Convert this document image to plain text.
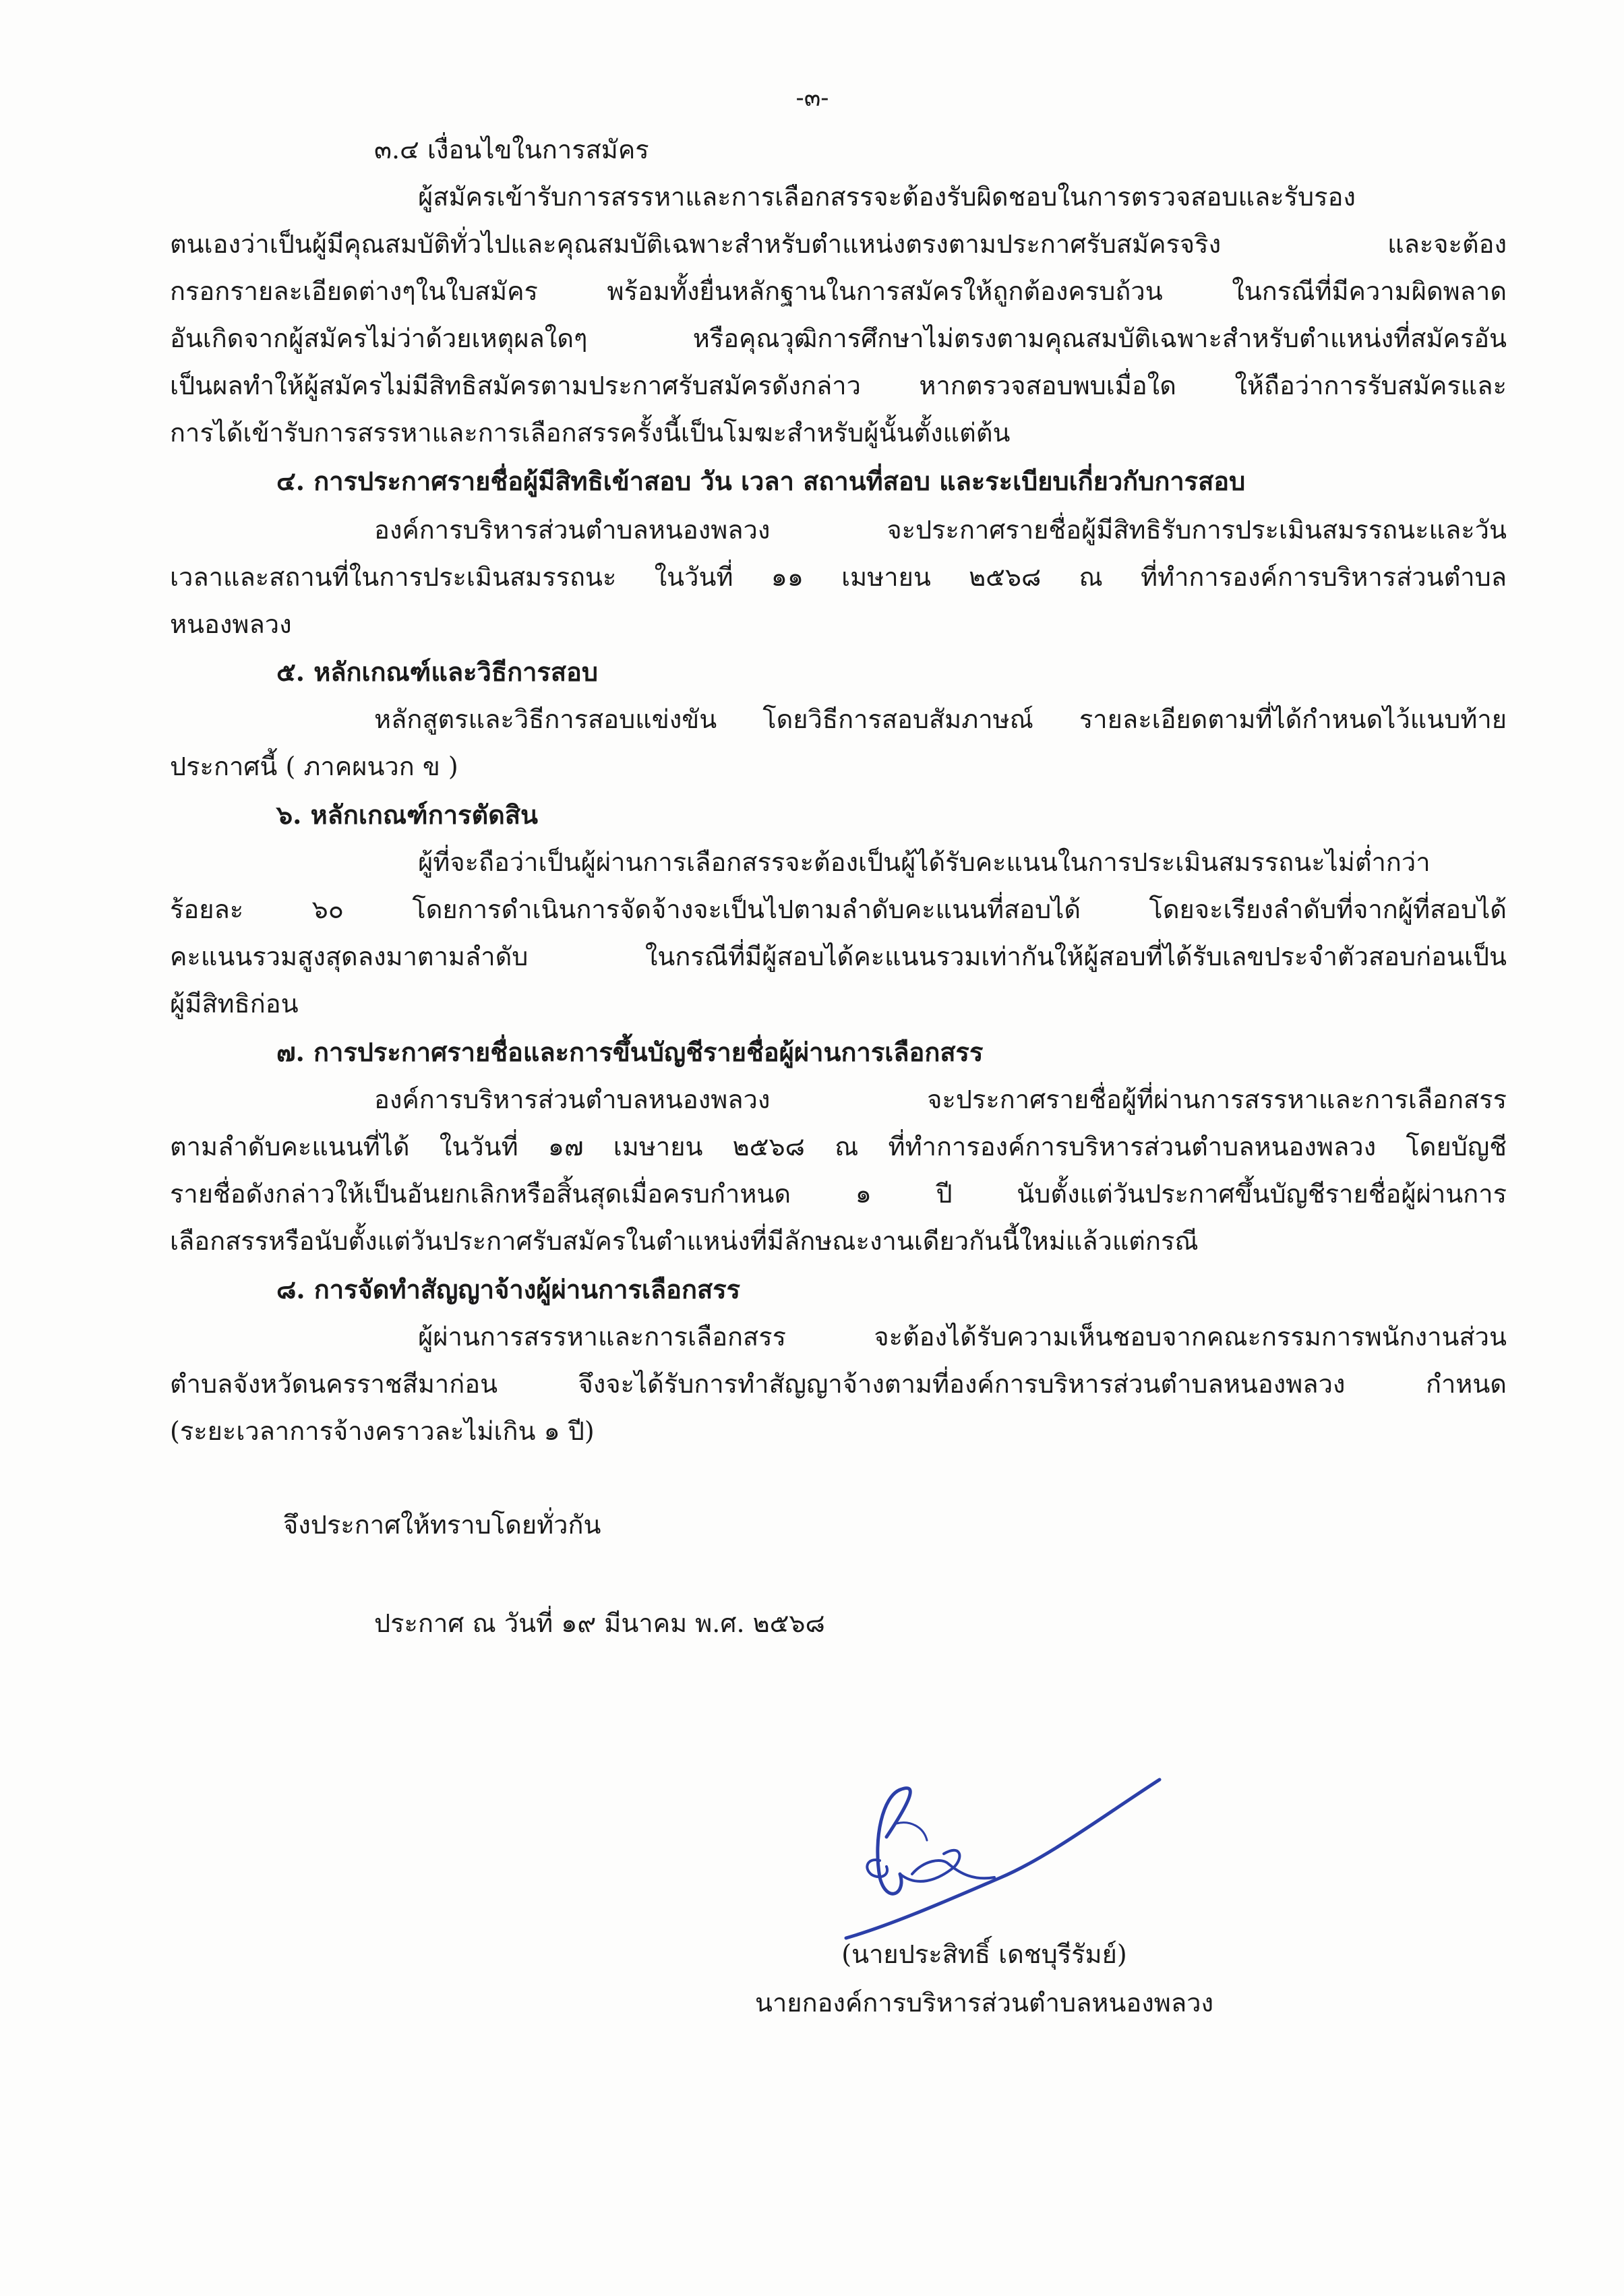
-๓-
๓.๔ เงื่อนไขในการสมัคร
ผู้สมัครเข้ารับการสรรหาและการเลือกสรรจะต้องรับผิดชอบในการตรวจสอบและรับรอง
ตนเองว่าเป็นผู้มีคุณสมบัติทั่วไปและคุณสมบัติเฉพาะสำหรับตำแหน่งตรงตามประกาศรับสมัครจริง และจะต้อง
กรอกรายละเอียดต่างๆในใบสมัคร พร้อมทั้งยื่นหลักฐานในการสมัครให้ถูกต้องครบถ้วน ในกรณีที่มีความผิดพลาด
อันเกิดจากผู้สมัครไม่ว่าด้วยเหตุผลใดๆ หรือคุณวุฒิการศึกษาไม่ตรงตามคุณสมบัติเฉพาะสำหรับตำแหน่งที่สมัครอัน
เป็นผลทำให้ผู้สมัครไม่มีสิทธิสมัครตามประกาศรับสมัครดังกล่าว หากตรวจสอบพบเมื่อใด ให้ถือว่าการรับสมัครและ
การได้เข้ารับการสรรหาและการเลือกสรรครั้งนี้เป็นโมฆะสำหรับผู้นั้นตั้งแต่ต้น
๔. การประกาศรายชื่อผู้มีสิทธิเข้าสอบ วัน เวลา สถานที่สอบ และระเบียบเกี่ยวกับการสอบ
องค์การบริหารส่วนตำบลหนองพลวง จะประกาศรายชื่อผู้มีสิทธิรับการประเมินสมรรถนะและวัน
เวลาและสถานที่ในการประเมินสมรรถนะ ในวันที่ ๑๑ เมษายน ๒๕๖๘ ณ ที่ทำการองค์การบริหารส่วนตำบล
หนองพลวง
๕. หลักเกณฑ์และวิธีการสอบ
หลักสูตรและวิธีการสอบแข่งขัน โดยวิธีการสอบสัมภาษณ์ รายละเอียดตามที่ได้กำหนดไว้แนบท้าย
ประกาศนี้ ( ภาคผนวก ข )
๖. หลักเกณฑ์การตัดสิน
ผู้ที่จะถือว่าเป็นผู้ผ่านการเลือกสรรจะต้องเป็นผู้ได้รับคะแนนในการประเมินสมรรถนะไม่ต่ำกว่า
ร้อยละ ๖๐ โดยการดำเนินการจัดจ้างจะเป็นไปตามลำดับคะแนนที่สอบได้ โดยจะเรียงลำดับที่จากผู้ที่สอบได้
คะแนนรวมสูงสุดลงมาตามลำดับ ในกรณีที่มีผู้สอบได้คะแนนรวมเท่ากันให้ผู้สอบที่ได้รับเลขประจำตัวสอบก่อนเป็น
ผู้มีสิทธิก่อน
๗. การประกาศรายชื่อและการขึ้นบัญชีรายชื่อผู้ผ่านการเลือกสรร
องค์การบริหารส่วนตำบลหนองพลวง จะประกาศรายชื่อผู้ที่ผ่านการสรรหาและการเลือกสรร
ตามลำดับคะแนนที่ได้ ในวันที่ ๑๗ เมษายน ๒๕๖๘ ณ ที่ทำการองค์การบริหารส่วนตำบลหนองพลวง โดยบัญชี
รายชื่อดังกล่าวให้เป็นอันยกเลิกหรือสิ้นสุดเมื่อครบกำหนด ๑ ปี นับตั้งแต่วันประกาศขึ้นบัญชีรายชื่อผู้ผ่านการ
เลือกสรรหรือนับตั้งแต่วันประกาศรับสมัครในตำแหน่งที่มีลักษณะงานเดียวกันนี้ใหม่แล้วแต่กรณี
๘. การจัดทำสัญญาจ้างผู้ผ่านการเลือกสรร
ผู้ผ่านการสรรหาและการเลือกสรร จะต้องได้รับความเห็นชอบจากคณะกรรมการพนักงานส่วน
ตำบลจังหวัดนครราชสีมาก่อน จึงจะได้รับการทำสัญญาจ้างตามที่องค์การบริหารส่วนตำบลหนองพลวง กำหนด
(ระยะเวลาการจ้างคราวละไม่เกิน ๑ ปี)
จึงประกาศให้ทราบโดยทั่วกัน
ประกาศ ณ วันที่ ๑๙ มีนาคม พ.ศ. ๒๕๖๘
(นายประสิทธิ์ เดชบุรีรัมย์)
นายกองค์การบริหารส่วนตำบลหนองพลวง
